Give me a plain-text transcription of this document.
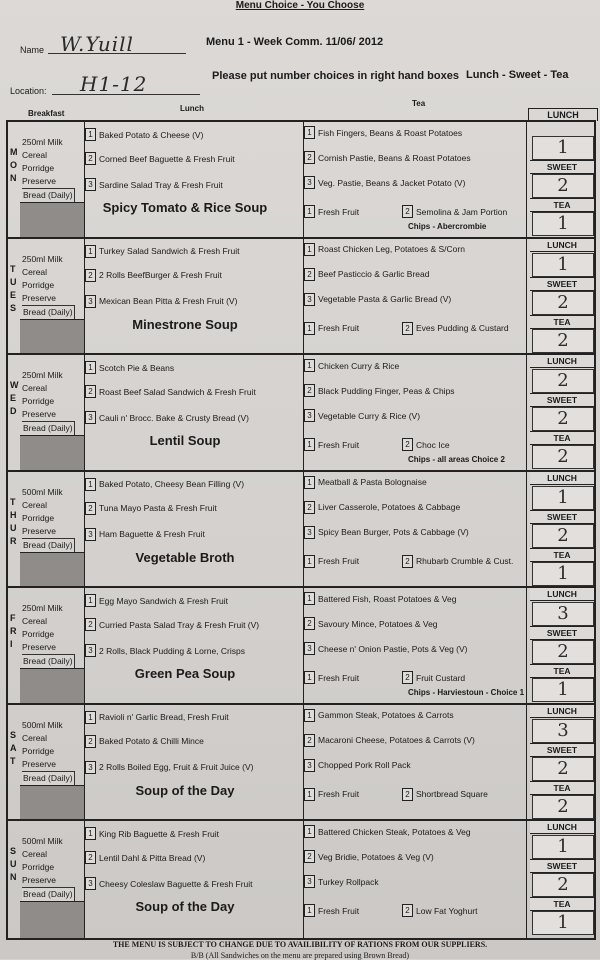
Menu Choice - You Choose
Name W.Yuill	Menu 1 - Week Comm. 11/06/ 2012
Location: H1-12	Please put number choices in right hand boxes Lunch - Sweet - Tea
Breakfast
Lunch
Tea
LUNCH
M
O
N
250ml Milk
Cereal
Porridge
Preserve
Bread (Daily)
1 Baked Potato & Cheese (V)
2 Corned Beef Baguette & Fresh Fruit
3 Sardine Salad Tray & Fresh Fruit
Spicy Tomato & Rice Soup
1 Fish Fingers, Beans & Roast Potatoes
2 Cornish Pastie, Beans & Roast Potatoes
3 Veg. Pastie, Beans & Jacket Potato (V)
1 Fresh Fruit	2 Semolina & Jam Portion
Chips - Abercrombie
1
SWEET
2
TEA
1
T
U
E
S
250ml Milk
Cereal
Porridge
Preserve
Bread (Daily)
1 Turkey Salad Sandwich & Fresh Fruit
2 2 Rolls BeefBurger & Fresh Fruit
3 Mexican Bean Pitta & Fresh Fruit (V)
Minestrone Soup
1 Roast Chicken Leg, Potatoes & S/Corn
2 Beef Pasticcio & Garlic Bread
3 Vegetable Pasta & Garlic Bread (V)
1 Fresh Fruit	2 Eves Pudding & Custard
LUNCH
1
SWEET
2
TEA
2
W
E
D
250ml Milk
Cereal
Porridge
Preserve
Bread (Daily)
1 Scotch Pie & Beans
2 Roast Beef Salad Sandwich & Fresh Fruit
3 Cauli n' Brocc. Bake & Crusty Bread (V)
Lentil Soup
1 Chicken Curry & Rice
2 Black Pudding Finger, Peas & Chips
3 Vegetable Curry & Rice (V)
1 Fresh Fruit	2 Choc Ice
Chips - all areas Choice 2
LUNCH
2
SWEET
2
TEA
2
T
H
U
R
500ml Milk
Cereal
Porridge
Preserve
Bread (Daily)
1 Baked Potato, Cheesy Bean Filling (V)
2 Tuna Mayo Pasta & Fresh Fruit
3 Ham Baguette & Fresh Fruit
Vegetable Broth
1 Meatball & Pasta Bolognaise
2 Liver Casserole, Potatoes & Cabbage
3 Spicy Bean Burger, Pots & Cabbage (V)
1 Fresh Fruit	2 Rhubarb Crumble & Cust.
LUNCH
1
SWEET
2
TEA
1
F
R
I
250ml Milk
Cereal
Porridge
Preserve
Bread (Daily)
1 Egg Mayo Sandwich & Fresh Fruit
2 Curried Pasta Salad Tray & Fresh Fruit (V)
3 2 Rolls, Black Pudding & Lorne, Crisps
Green Pea Soup
1 Battered Fish, Roast Potatoes & Veg
2 Savoury Mince, Potatoes & Veg
3 Cheese n' Onion Pastie, Pots & Veg (V)
1 Fresh Fruit	2 Fruit Custard
Chips - Harviestoun - Choice 1
LUNCH
3
SWEET
2
TEA
1
S
A
T
500ml Milk
Cereal
Porridge
Preserve
Bread (Daily)
1 Ravioli n' Garlic Bread, Fresh Fruit
2 Baked Potato & Chilli Mince
3 2 Rolls Boiled Egg, Fruit & Fruit Juice (V)
Soup of the Day
1 Gammon Steak, Potatoes & Carrots
2 Macaroni Cheese, Potatoes & Carrots (V)
3 Chopped Pork Roll Pack
1 Fresh Fruit	2 Shortbread Square
LUNCH
3
SWEET
2
TEA
2
S
U
N
500ml Milk
Cereal
Porridge
Preserve
Bread (Daily)
1 King Rib Baguette & Fresh Fruit
2 Lentil Dahl & Pitta Bread (V)
3 Cheesy Coleslaw Baguette & Fresh Fruit
Soup of the Day
1 Battered Chicken Steak, Potatoes & Veg
2 Veg Bridie, Potatoes & Veg (V)
3 Turkey Rollpack
1 Fresh Fruit	2 Low Fat Yoghurt
LUNCH
1
SWEET
2
TEA
1
THE MENU IS SUBJECT TO CHANGE DUE TO AVAILIBILITY OF RATIONS FROM OUR SUPPLIERS.
B/B (All Sandwiches on the menu are prepared using Brown Bread)
